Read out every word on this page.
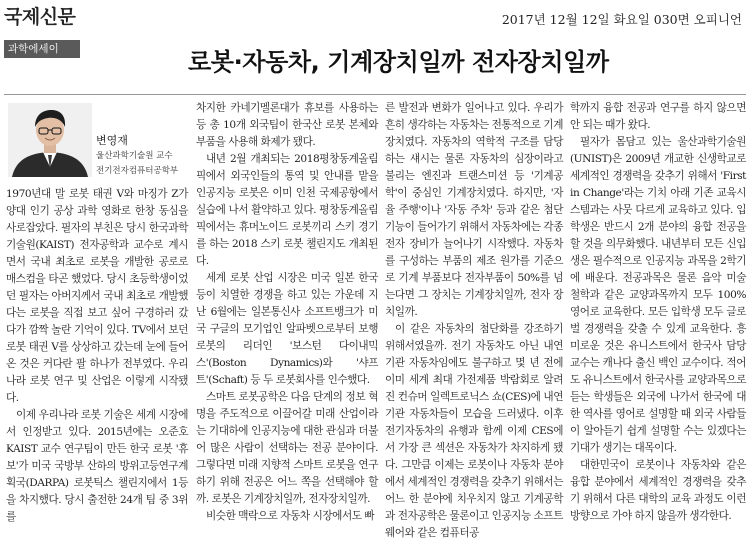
국제신문	2017년 12월 12일 화요일 030면 오피니언
과학에세이	로봇·자동차, 기계장치일까 전자장치일까
변영재
울산과학기술원 교수
전기전자컴퓨터공학부

1970년대 말 로봇 태권 V와 마징가 Z가 양대 인기 공상 과학 영화로 한창 동심을 사로잡았다. 필자의 부친은 당시 한국과학기술원(KAIST) 전자공학과 교수로 계시면서 국내 최초로 로봇을 개발한 공로로 매스컴을 타곤 했었다. 당시 초등학생이었던 필자는 아버지께서 국내 최초로 개발했다는 로봇을 직접 보고 싶어 구경하러 갔다가 깜짝 놀란 기억이 있다. TV에서 보던 로봇 태권 V를 상상하고 갔는데 눈에 들어온 것은 커다란 팔 하나가 전부였다. 우리나라 로봇 연구 및 산업은 이렇게 시작됐다.

이제 우리나라 로봇 기술은 세계 시장에서 인정받고 있다. 2015년에는 오준호 KAIST 교수 연구팀이 만든 한국 로봇 '휴보'가 미국 국방부 산하의 방위고등연구계획국(DARPA) 로봇틱스 챌린지에서 1등을 차지했다. 당시 출전한 24개 팀 중 3위를

차지한 카네기멜론대가 휴보를 사용하는 등 총 10개 외국팀이 한국산 로봇 본체와 부품을 사용해 화제가 됐다.

내년 2월 개최되는 2018평창동계올림픽에서 외국인들의 통역 및 안내를 맡을 인공지능 로봇은 이미 인천 국제공항에서 실습에 나서 활약하고 있다. 평창동계올림픽에서는 휴머노이드 로봇끼리 스키 경기를 하는 2018 스키 로봇 챌린지도 개최된다.

세계 로봇 산업 시장은 미국 일본 한국 등이 치열한 경쟁을 하고 있는 가운데 지난 6월에는 일본통신사 소프트뱅크가 미국 구글의 모기업인 알파벳으로부터 보행 로봇의 리더인 '보스턴 다이내믹스'(Boston Dynamics)와 '샤프트'(Schaft) 등 두 로봇회사를 인수했다.

스마트 로봇공학은 다음 단계의 정보 혁명을 주도적으로 이끌어갈 미래 산업이라는 기대하에 인공지능에 대한 관심과 더불어 많은 사람이 선택하는 전공 분야이다. 그렇다면 미래 지향적 스마트 로봇을 연구하기 위해 전공은 어느 쪽을 선택해야 할까. 로봇은 기계장치일까, 전자장치일까.

비슷한 맥락으로 자동차 시장에서도 빠

른 발전과 변화가 일어나고 있다. 우리가 흔히 생각하는 자동차는 전통적으로 기계장치였다. 자동차의 역학적 구조를 담당하는 섀시는 물론 자동차의 심장이라고 불리는 엔진과 트랜스미션 등 '기계공학'이 중심인 기계장치였다. 하지만, '자율 주행'이나 '자동 주차' 등과 같은 첨단 기능이 들어가기 위해서 자동차에는 각종 전자 장비가 늘어나기 시작했다. 자동차를 구성하는 부품의 제조 원가를 기준으로 기계 부품보다 전자부품이 50%를 넘는다면 그 장치는 기계장치일까, 전자 장치일까.

이 같은 자동차의 첨단화를 강조하기 위해서였을까. 전기 자동차도 아닌 내연기관 자동차임에도 불구하고 몇 년 전에 이미 세계 최대 가전제품 박람회로 알려진 컨슈머 일렉트로닉스 쇼(CES)에 내연기관 자동차들이 모습을 드러냈다. 이후 전기자동차의 유행과 함께 이제 CES에서 가장 큰 섹션은 자동차가 차지하게 됐다. 그만큼 이제는 로봇이나 자동차 분야에서 세계적인 경쟁력을 갖추기 위해서는 어느 한 분야에 치우치지 않고 기계공학과 전자공학은 물론이고 인공지능 소프트웨어와 같은 컴퓨터공

학까지 융합 전공과 연구를 하지 않으면 안 되는 때가 왔다.

필자가 몸담고 있는 울산과학기술원(UNIST)은 2009년 개교한 신생학교로 세계적인 경쟁력을 갖추기 위해서 'First in Change'라는 기치 아래 기존 교육시스템과는 사뭇 다르게 교육하고 있다. 입학생은 반드시 2개 분야의 융합 전공을 할 것을 의무화했다. 내년부터 모든 신입생은 필수적으로 인공지능 과목을 2학기에 배운다. 전공과목은 물론 음악 미술 철학과 같은 교양과목까지 모두 100% 영어로 교육한다. 모든 입학생 모두 글로벌 경쟁력을 갖출 수 있게 교육한다. 흥미로운 것은 유니스트에서 한국사 담당 교수는 캐나다 출신 백인 교수이다. 적어도 유니스트에서 한국사를 교양과목으로 듣는 학생들은 외국에 나가서 한국에 대한 역사를 영어로 설명할 때 외국 사람들이 알아듣기 쉽게 설명할 수는 있겠다는 기대가 생기는 대목이다.

대한민국이 로봇이나 자동차와 같은 융합 분야에서 세계적인 경쟁력을 갖추기 위해서 다른 대학의 교육 과정도 이런 방향으로 가야 하지 않을까 생각한다.
